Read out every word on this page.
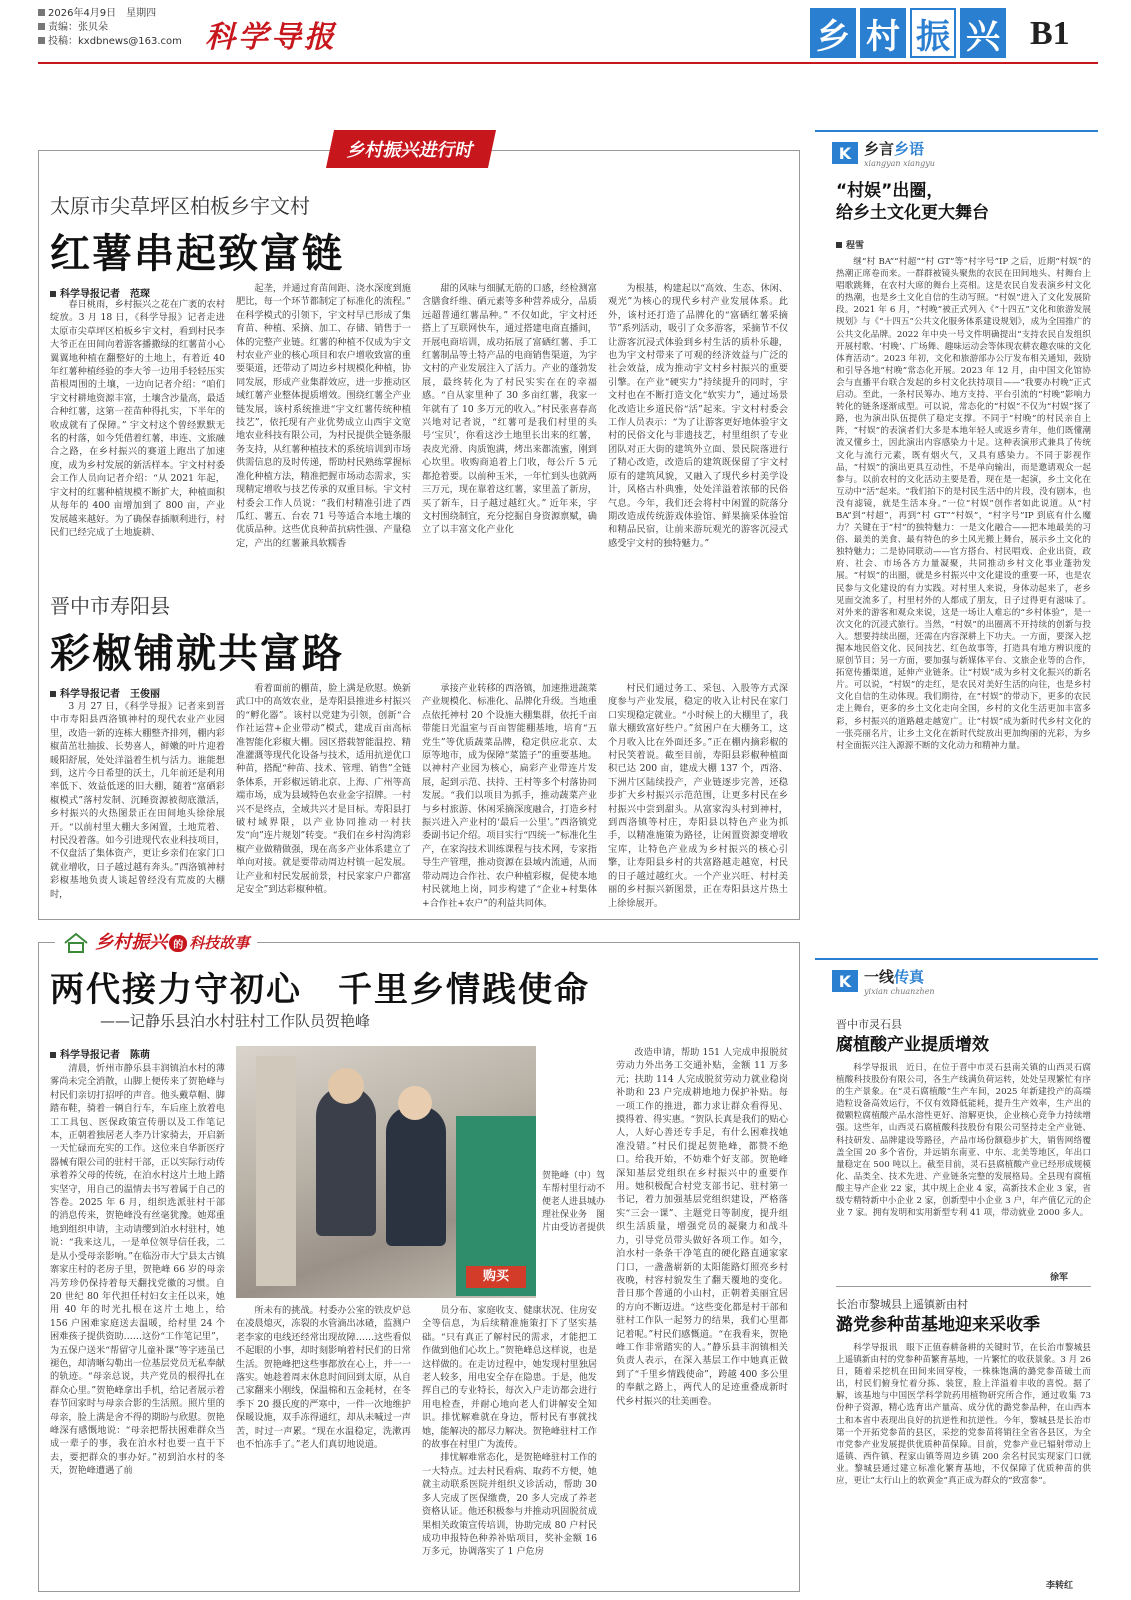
2026年4月9日　星期四
责编：张贝朵
投稿：kxdbnews@163.com 科学导报	乡 村 振 兴 B1
乡村振兴进行时
太原市尖草坪区柏板乡宇文村
红薯串起致富链
科学导报记者　范琛

春日桃雨，乡村振兴之花在广袤的农村绽放。3 月 18 日，《科学导报》记者走进太原市尖草坪区柏板乡宇文村，看到村民李大爷正在田间向着游客播撒绿的红薯苗小心翼翼地种植在翻整好的土地上，有着近 40 年红薯种植经验的李大爷一边用手轻轻压实苗根周围的土壤，一边向记者介绍：“咱们宇文村耕地资源丰富，土壤含沙量高，最适合种红薯，这第一茬苗种得扎实，下半年的收成就有了保障。” 宇文村这个曾经默默无名的村落，如今凭借着红薯，串连、文旅融合之路，在乡村振兴的赛道上跑出了加速度，成为乡村发展的新活样本。宇文村村委会工作人员向记者介绍：“从 2021 年起，宇文村的红薯种植规模不断扩大，种植面积从每年的 400 亩增加到了 800 亩，产业发展越来越好。为了确保春插顺利进行，村民们已经完成了土地旋耕、

起垄，并通过育苗间距、浇水深度到施肥比，每一个环节都制定了标准化的流程。” 在科学模式的引领下，宇文村早已形成了集育苗、种植、采摘、加工、存储、销售于一体的完整产业链。红薯的种植不仅成为宇文村农业产业的核心项目和农户增收致富的重要渠道，还带动了周边乡村规模化种植，协同发展，形成产业集群效应，进一步推动区域红薯产业整体提质增效。围绕红薯全产业链发展，该村系统推进“宇文红薯传统种植技艺”，依托现有产业优势成立山西宇文宽地农业科技有限公司，为村民提供全链条服务支持，从红薯种植技术的系统培训到市场供需信息的及时传递，帮助村民熟练掌握标准化种植方法，精准把握市场动态需求，实现精定增收与技艺传承的双重目标。宇文村村委会工作人员说：“我们村精准引进了西瓜红、薯五、台农 71 号等适合本地土壤的优质品种。这些优良种苗抗病性强、产量稳定，产出的红薯兼具软糯香

甜的风味与细腻无筋的口感，经检测富含膳食纤维、硒元素等多种营养成分，品质远超普通红薯品种。” 不仅如此，宇文村还搭上了互联网快车，通过搭建电商直播间，开展电商培训，成功拓展了富硒红薯、手工红薯制品等土特产品的电商销售渠道，为宇文村的产业发展注入了活力。产业的蓬勃发展，最终转化为了村民实实在在的幸福感。“自从家里种了 30 多亩红薯，我家一年就有了 10 多万元的收入。”村民张喜春高兴地对记者说，“红薯可是我们村里的头号‘宝贝’，你看这沙土地里长出来的红薯，表皮光滑、肉质饱满，烤出来都流蜜，刚到心坎里。收购商追着上门收，每公斤 5 元都抢着要。以前种玉米，一年忙到头也就两三万元，现在靠着这红薯，家里盖了新房，买了新车，日子越过越红火。” 近年来，宇文村围绕制宜，充分挖掘自身资源禀赋，确立了以丰富文化产业化

为根基，构建起以“高效、生态、休闲、观光”为核心的现代乡村产业发展体系。此外，该村还打造了品牌化的“富硒红薯采摘节”系列活动，吸引了众多游客，采摘节不仅让游客沉浸式体验到乡村生活的质朴乐趣，也为宇文村带来了可观的经济效益与广泛的社会效益，成为推动宇文村乡村振兴的重要引擎。在产业“硬实力”持续提升的同时，宇文村也在不断打造文化“软实力”，通过场景化改造让乡道民俗“活”起来。宇文村村委会工作人员表示：“为了让游客更好地体验宇文村的民俗文化与非遗技艺，村里组织了专业团队对正大街的建筑外立面、景民院落进行了精心改造，改造后的建筑既保留了宇文村原有的建筑风貌，又融入了现代乡村美学设计，风格古朴典雅，处处洋溢着浓郁的民俗气息。今年，我们还会将村中闲置的院落分期改造成传统游戏体验馆、鲜果摘采体验馆和精品民宿，让前来游玩观光的游客沉浸式感受宇文村的独特魅力。”

晋中市寿阳县
彩椒铺就共富路
科学导报记者　王俊丽

3 月 27 日，《科学导报》记者来到晋中市寿阳县西洛镇神村的现代农业产业园里，改造一新的连栋大棚整齐排列，棚内彩椒苗茁壮抽拔、长势喜人，鲜嫩的叶片迎着暖阳舒展，处处洋溢着生机与活力。谁能想到，这片今日希望的沃土，几年前还是利用率低下、效益低迷的旧大棚，随着“富硒彩椒模式”落村发制、沉睡资源被彻底激活，乡村振兴的火热图景正在田间地头徐徐展开。“以前村里大棚大多闲置，土地荒着、村民没着落。如今引进现代农业科技项目，不仅盘活了集体资产，更让乡亲们在家门口就业增收，日子越过越有奔头。”西洛镇神村彩椒基地负责人谈起曾经没有荒废的大棚时，

看着面前的棚苗，脸上满是欣慰。焕新武口中的高效农业，是寿阳县推进乡村振兴的“孵化器”。该村以党建为引领，创新“合作社运营+企业带动”模式，建成百亩高标准智能化彩椒大棚。园区搭载智能温控、精准灌溉等现代化设备与技术，适用抗逆优口种苗，搭配“种苗、技术、管理、销售”全链条体系，开彩椒远销北京、上海、广州等高端市场，成为县域特色农业金字招牌。一村兴不是终点，全域共兴才是目标。寿阳县打破村域界限，以产业协同推动一村扶发“向”连片规划”转变。“我们在乡村沟湾彩椒产业做精做强，现在高多产业体系建立了单向对接。就是要带动周边村镇一起发展。让产业和村民发展前景，村民家家户户都富足安全”到达彩椒种植。

承接产业转移的西洛镇，加速推进蔬菜产业规模化、标准化、品牌化升级。当地重点依托神村 20 个设施大棚集群，依托千亩带能日光温室与百亩智能棚基地，培育“五党生”等优质蔬菜品牌，稳定供应北京、太原等地市，成为保障“菜篮子”的重要基地。以神村产业园为核心，扁彩产业带连片发展，起到示范、扶持、王村等多个村落协同发展。“我们以项目为抓手，推动蔬菜产业与乡村旅游、休闲采摘深度融合，打造乡村振兴进入产业村的‘最后一公里’。”西洛镇党委副书记介绍。项目实行“四统一”标准化生产，在家沟技术训练课程与技术网，专家指导生产管理，推动资源在县域内流通，从而带动周边合作社、农户种植彩椒，促使本地村民就地上岗，同步构建了“企业+村集体+合作社+农户”的利益共同体。

村民们通过务工、采包、入股等方式深度参与产业发展，稳定的收入让村民在家门口实现稳定就业。“小时候上的大棚里了，我靠大棚致富好些户。”贫困户在大棚务工，这个月收入比在外面还多。”正在棚内摘彩椒的村民笑着说。截至目前，寿阳县彩椒种植面积已达 200 亩，建成大棚 137 个，西洛、下洲片区陆续投产，产业链逐步完善，还稳步扩大乡村振兴示范范围，让更多村民在乡村振兴中尝到甜头。从富家沟头村到神村，到西洛镇等村庄，寿阳县以特色产业为抓手，以精准施策为路径，让闲置资源变增收宝库，让特色产业成为乡村振兴的核心引擎，让寿阳县乡村的共富路越走越宽，村民的日子越过越红火。一个产业兴旺、村村美丽的乡村振兴新图景，正在寿阳县这片热土上徐徐展开。

乡村振兴 的 科技故事
两代接力守初心　千里乡情践使命
——记静乐县泊水村驻村工作队员贺艳峰
科学导报记者　陈萌

清晨，忻州市静乐县丰润镇泊水村的薄雾尚未完全消散，山脚上便传来了贺艳峰与村民们亲切打招呼的声音。他头戴草帽、脚踏布鞋，骑着一辆自行车，车后座上放着电工工具包、医保政策宣传册以及工作笔记本，正朝着独居老人李乃计家骑去，开启新一天忙碌而充实的工作。这位来自华新医疗器械有限公司的驻村干部，正以实际行动传承着养父母的传统，在泊水村这片土地上踏实坚守，用自己的温情去书写着属于自己的答卷。2025 年 6 月，组织选派驻村干部的消息传来，贺艳峰没有丝毫犹豫。她郑重地到组织申请，主动请缨到泊水村驻村，她说：“我来这儿，一是单位领导信任我，二是从小受母亲影响。”在临汾市大宁县太古镇寨家庄村的老房子里，贺艳峰 66 岁的母亲冯芳珍仍保持着每天翻找党徽的习惯。自 20 世纪 80 年代担任村妇女主任以来，她用 40 年的时光扎根在这片土地上，给 156 户困难家庭送去温暖，给村里 24 个困难孩子提供资助……这份“工作笔记里”，为五保户送米“帮留守儿童补课”等字迹虽已褪色，却清晰勾勒出一位基层党员无私奉献的轨迹。“母亲总说，共产党员的根得扎在群众心里。”贺艳峰拿出手机，给记者展示着春节回家时与母亲合影的生活照。照片里的母亲，脸上满是舍不得的期盼与欣慰。贺艳峰深有感慨地说：“母亲把帮扶困难群众当成一辈子的事，我在泊水村也要一直干下去，要把群众的事办好。”初到泊水村的冬天，贺艳峰遭遇了前

购买
贺艳峰（中）驾车帮村里行动不便老人进县城办理社保业务　图片由受访者提供

所未有的挑战。村委办公室的铁皮炉总在凌晨熄灭，冻裂的水管滴出冰碴，监测户老李家的电线还经常出现故障……这些看似不起眼的小事，却时刻影响着村民们的日常生活。贺艳峰把这些事都放在心上，并一一落实。她趁着周末休息时间回到太原，从自己家翻来小刚线，保温棉和五金耗材，在冬季下 20 摄氏度的严寒中，一件一次地维护保暖设施，双手冻得通红，却从未喊过一声苦，时过一声累。“现在水温稳定，洗漱再也不怕冻手了。”老人们真切地说道。

员分布、家庭收支、健康状况、住房安全等信息，为后续精准施策打下了坚实基础。“只有真正了解村民的需求，才能把工作做到他们心坎上。”贺艳峰总这样说，也是这样做的。在走访过程中，她发现村里独居老人较多，用电安全存在隐患。于是，他发挥自己的专业特长，每次入户走访都会进行用电检查，并耐心地向老人们讲解安全知识。排忧解难就在身边，帮村民有事就找她，能解决的都尽力解决。贺艳峰驻村工作的故事在村里广为流传。

排忧解难常态化，是贺艳峰驻村工作的一大特点。过去村民看病、取药不方便，她就主动联系医院并组织义诊活动，帮助 30 多人完成了医保缴费，20 多人完成了养老资格认证。他还积极参与并推动巩固脱贫成果相关政策宣传培训，协助完成 80 户村民成功申报特色种养补贴项目，奖补金额 16 万多元，协调落实了 1 户危房

改造申请，帮助 151 人完成申报脱贫劳动力外出务工交通补贴，金额 11 万多元；扶助 114 人完成脱贫劳动力就业稳岗补助和 23 户完成耕地地力保护补贴。每一项工作的推进，都力求让群众看得见、摸得着、得实惠。“贺队长真是我们的贴心人，人好心善还专手足，有什么困难找她准没错。”村民们提起贺艳峰，都赞不绝口。给我开始，不妨难个好支部。贺艳峰深知基层党组织在乡村振兴中的重要作用。她积极配合村党支部书记、驻村第一书记，着力加强基层党组织建设，严格落实“三会一课”、主题党日等制度，提升组织生活质量，增强党员的凝聚力和战斗力，引导党员带头做好各项工作。如今，泊水村一条条干净笔直的硬化路直通家家门口，一盏盏崭新的太阳能路灯照亮乡村夜晚，村容村貌发生了翻天覆地的变化。昔日那个普通的小山村，正朝着美丽宜居的方向不断迈进。“这些变化都是村干部和驻村工作队一起努力的结果，我们心里都记着呢。”村民们感慨道。“在我看来，贺艳峰工作非常踏实的人。”静乐县丰润镇相关负责人表示，在深入基层工作中她真正做到了“千里乡情践使命”，跨越 400 多公里的奉献之路上，两代人的足迹重叠成新时代乡村振兴的壮美画卷。

K 乡言乡语
xiangyan xiangyu
“村娱”出圈，
给乡土文化更大舞台
程雪

继“村 BA”“村超”“村 GT”等“村字号”IP 之后，近期“村娱”的热潮正席卷而来。一群群被镜头聚焦的农民在田间地头、村舞台上唱歌跳舞，在农村大席的舞台上亮相。这是农民自发表演乡村文化的热潮，也是乡土文化自信的生动写照。“村娱”进入了文化发展阶段。2021 年 6 月，“村晚”被正式列入《“十四五”文化和旅游发展规划》与《“十四五”公共文化服务体系建设规划》，成为全国推广的公共文化品牌。2022 年中央一号文件明确提出“支持农民自发组织开展村歌、‘村晚’、广场舞、趣味运动会等体现农耕农趣农味的文化体育活动”。2023 年初，文化和旅游部办公厅发布相关通知，鼓励和引导各地“村晚”常态化开展。2023 年 12 月，由中国文化馆协会与直播平台联合发起的乡村文化扶持项目——“我要办村晚”正式启动。至此，一条村民筹办、地方支持、平台引流的“村晚”影响力转化的链条逐渐成型。可以说，常态化的“村娱”不仅为“村娱”探了路，也为演出队伍提供了稳定支撑。不同于“村晚”的村民亲自上阵，“村娱”的表演者们大多是本地年轻人或返乡青年，他们既懂潮流又懂乡土，因此演出内容感染力十足。这种表演形式兼具了传统文化与流行元素，既有烟火气，又具有感染力。不同于影视作品，“村娱”的演出更具互动性，不是单向输出，而是邀请观众一起参与。以前农村的文化活动主要是看，现在是一起演，乡土文化在互动中“活”起来。“我们拍下的是村民生活中的片段，没有剧本，也没有滤镜，就是生活本身。”一位“村娱”创作者如此说道。从“村 BA”到“村超”，再到“村 GT”“村娱”，“村字号”IP 到底有什么魔力？关键在于“村”的独特魅力：一是文化融合——把本地最美的习俗、最美的美食、最有特色的乡土风光搬上舞台，展示乡土文化的独特魅力；二是协同联动——官方搭台、村民唱戏、企业出资，政府、社会、市场各方力量凝聚，共同推动乡村文化事业蓬勃发展。“村娱”的出圈，就是乡村振兴中文化建设的重要一环，也是农民参与文化建设的有力实践。对村里人来说，身体动起来了，老乡见面交流多了，村里村外的人都成了朋友，日子过得更有滋味了。对外来的游客和观众来说，这是一场让人难忘的“乡村体验”，是一次文化的沉浸式旅行。当然，“村娱”的出圈离不开持续的创新与投入。想要持续出圈，还需在内容深耕上下功夫。一方面，要深入挖掘本地民俗文化、民间技艺、红色故事等，打造具有地方辨识度的原创节目；另一方面，要加强与新媒体平台、文旅企业等的合作，拓宽传播渠道，延伸产业链条。让“村娱”成为乡村文化振兴的新名片。可以说，“村娱”的走红，是农民对美好生活的向往，也是乡村文化自信的生动体现。我们期待，在“村娱”的带动下，更多的农民走上舞台，更多的乡土文化走向全国，乡村的文化生活更加丰富多彩，乡村振兴的道路越走越宽广。让“村娱”成为新时代乡村文化的一张亮丽名片，让乡土文化在新时代绽放出更加绚丽的光彩，为乡村全面振兴注入源源不断的文化动力和精神力量。

K 一线传真
yixian chuanzhen
晋中市灵石县
腐植酸产业提质增效

科学导报讯　近日，在位于晋中市灵石县南关镇的山西灵石腐植酸科技股份有限公司，各生产线满负荷运转，处处呈现繁忙有序的生产景象。在“灵石腐植酸”生产车间，2025 年新建投产的高端造粒设备高效运行，不仅有效降低能耗，提升生产效率，生产出的微颗粒腐植酸产品水溶性更好、溶解更快，企业核心竞争力持续增强。这些年，山西灵石腐植酸科技股份有限公司坚持走全产业链、科技研发、品牌建设等路径，产品市场份额稳步扩大，销售网络覆盖全国 20 多个省份，并远销东南亚、中东、北美等地区，年出口量稳定在 500 吨以上。截至目前，灵石县腐植酸产业已经形成规模化、品类全、技术先进、产业链条完整的发展格局。全县现有腐植酸主导产企业 22 家，其中规上企业 4 家，高新技术企业 3 家，省级专精特新中小企业 2 家，创新型中小企业 3 户，年产值亿元的企业 7 家。拥有发明和实用新型专利 41 项，带动就业 2000 多人。

徐军
长治市黎城县上遥镇新由村
潞党参种苗基地迎来采收季

科学导报讯　眼下正值春耕备耕的关键时节，在长治市黎城县上遥镇新由村的党参种苗繁育基地，一片繁忙的收获景象。3 月 26 日，随着采挖机在田间来回穿梭，一株株饱满的潞党参苗破土而出，村民们俯身忙着分拣、装筐，脸上洋溢着丰收的喜悦。据了解，该基地与中国医学科学院药用植物研究所合作，通过收集 73 份种子资源，精心选育出产量高、成分优的潞党参品种，在山西本土和本省中表现出良好的抗逆性和抗逆性。今年，黎城县是长治市第一个开拓党参苗的县区，采挖的党参苗将销往全省各县区，为全市党参产业发展提供优质种苗保障。目前，党参产业已辐射带动上遥镇、西仵镇、程家山镇等周边乡镇 200 余名村民实现家门口就业。黎城县通过建立标准化繁育基地，不仅保障了优质种苗的供应，更让“太行山上的软黄金”真正成为群众的“致富参”。

李转红
